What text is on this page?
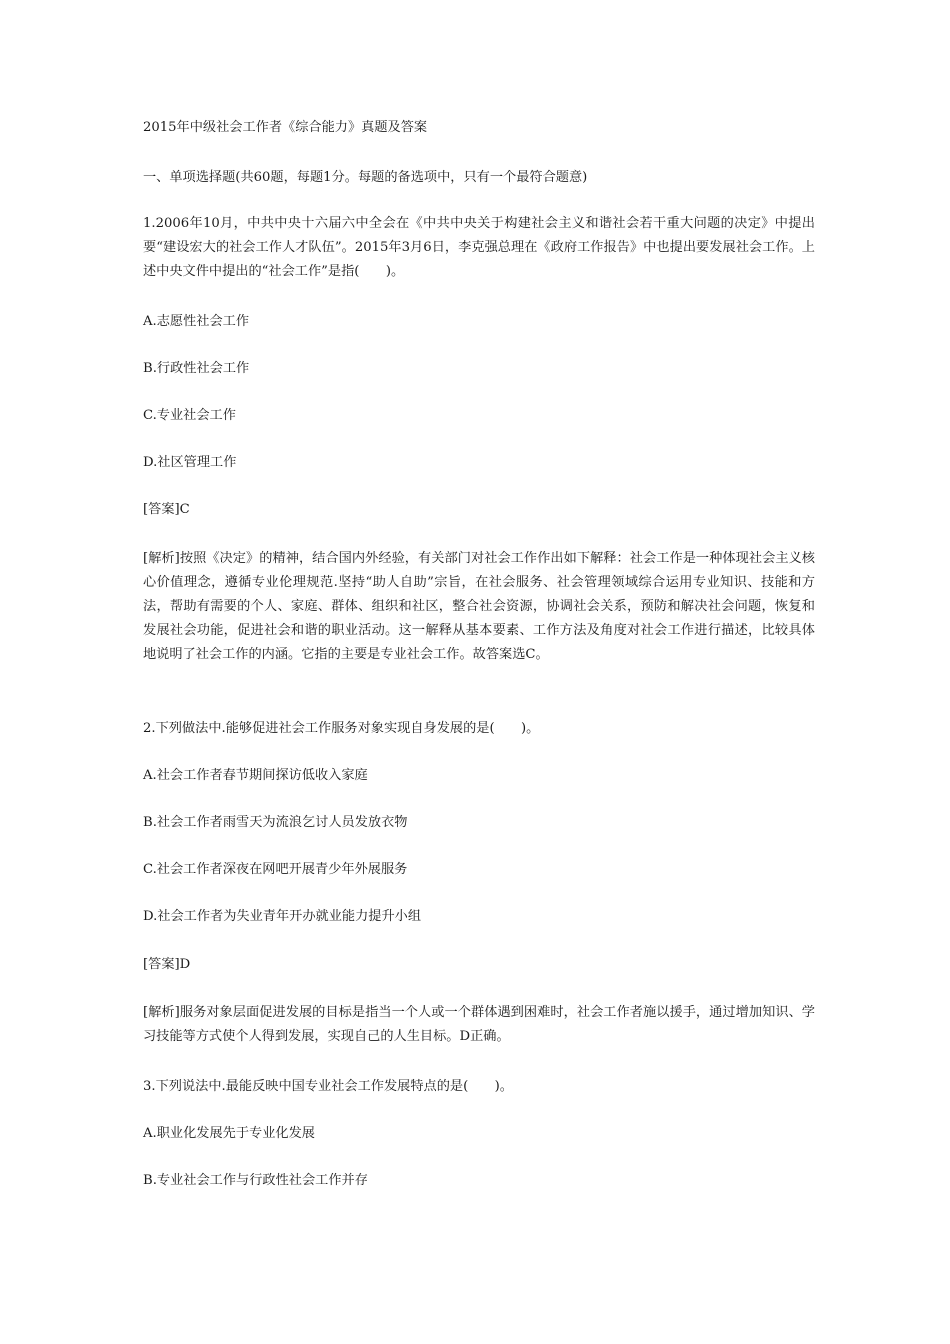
2015年中级社会工作者《综合能力》真题及答案
一、单项选择题(共60题，每题1分。每题的备选项中，只有一个最符合题意)
1.2006年10月，中共中央十六届六中全会在《中共中央关于构建社会主义和谐社会若干重大问题的决定》中提出要“建设宏大的社会工作人才队伍”。2015年3月6日，李克强总理在《政府工作报告》中也提出要发展社会工作。上述中央文件中提出的“社会工作”是指(　　)。
A.志愿性社会工作
B.行政性社会工作
C.专业社会工作
D.社区管理工作
[答案]C
[解析]按照《决定》的精神，结合国内外经验，有关部门对社会工作作出如下解释：社会工作是一种体现社会主义核心价值理念，遵循专业伦理规范.坚持“助人自助”宗旨，在社会服务、社会管理领域综合运用专业知识、技能和方法，帮助有需要的个人、家庭、群体、组织和社区，整合社会资源，协调社会关系，预防和解决社会问题，恢复和发展社会功能，促进社会和谐的职业活动。这一解释从基本要素、工作方法及角度对社会工作进行描述，比较具体地说明了社会工作的内涵。它指的主要是专业社会工作。故答案选C。
2.下列做法中.能够促进社会工作服务对象实现自身发展的是(　　)。
A.社会工作者春节期间探访低收入家庭
B.社会工作者雨雪天为流浪乞讨人员发放衣物
C.社会工作者深夜在网吧开展青少年外展服务
D.社会工作者为失业青年开办就业能力提升小组
[答案]D
[解析]服务对象层面促进发展的目标是指当一个人或一个群体遇到困难时，社会工作者施以援手，通过增加知识、学习技能等方式使个人得到发展，实现自己的人生目标。D正确。
3.下列说法中.最能反映中国专业社会工作发展特点的是(　　)。
A.职业化发展先于专业化发展
B.专业社会工作与行政性社会工作并存
